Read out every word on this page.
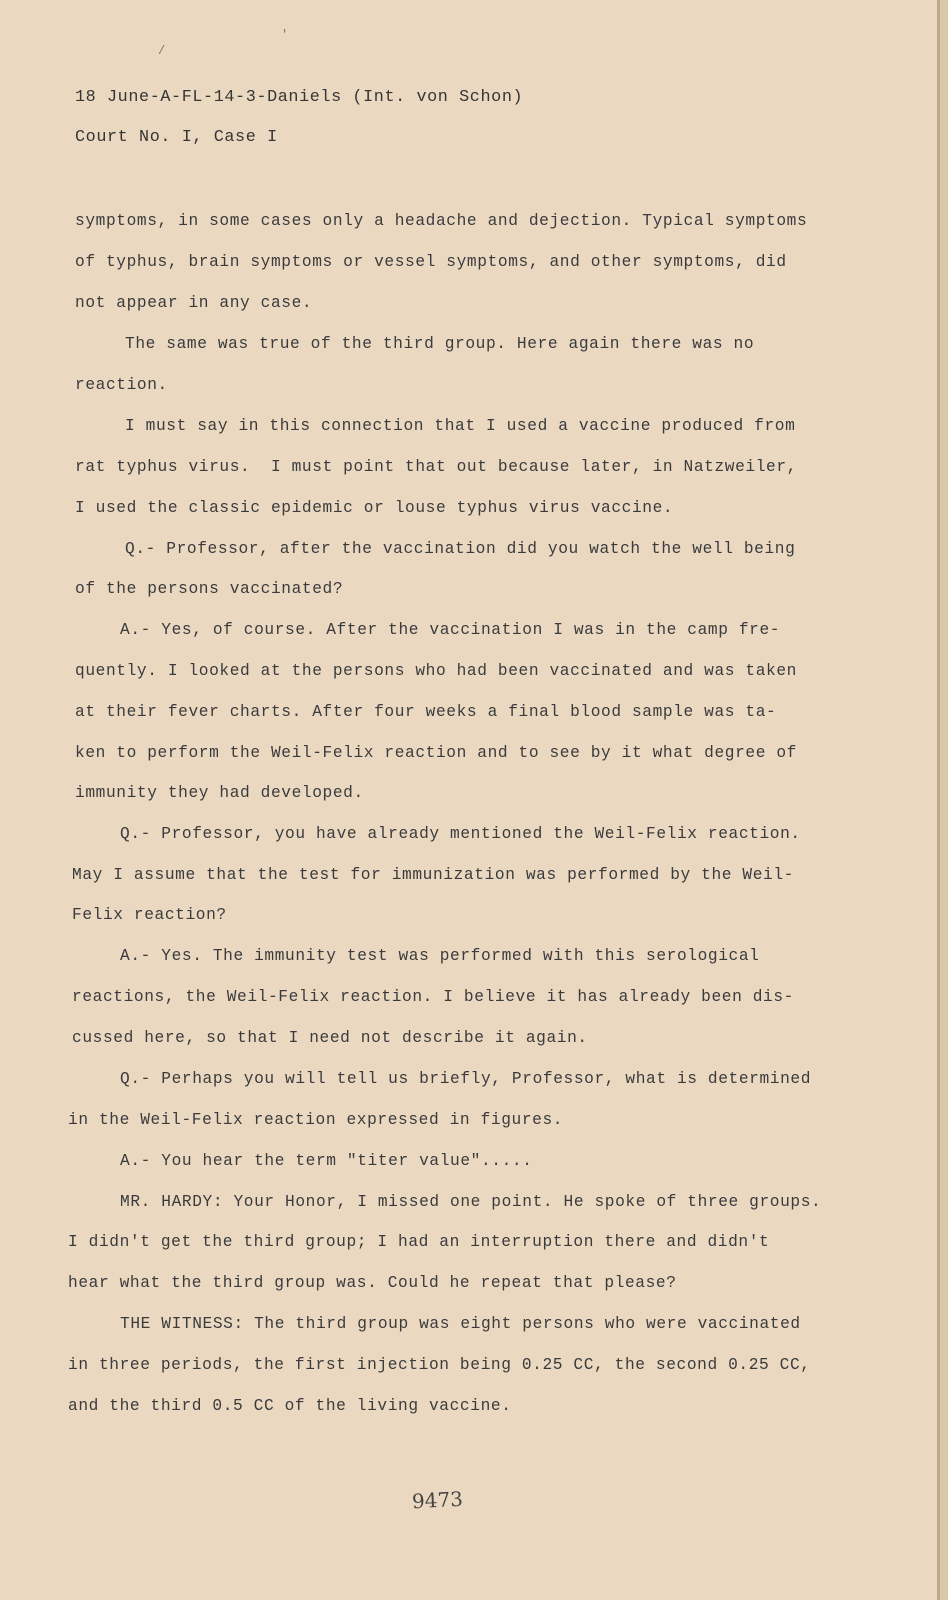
/
'
18 June-A-FL-14-3-Daniels (Int. von Schon)
Court No. I, Case I
symptoms, in some cases only a headache and dejection. Typical symptoms
of typhus, brain symptoms or vessel symptoms, and other symptoms, did
not appear in any case.
The same was true of the third group. Here again there was no
reaction.
I must say in this connection that I used a vaccine produced from
rat typhus virus.  I must point that out because later, in Natzweiler,
I used the classic epidemic or louse typhus virus vaccine.
Q.- Professor, after the vaccination did you watch the well being
of the persons vaccinated?
A.- Yes, of course. After the vaccination I was in the camp fre-
quently. I looked at the persons who had been vaccinated and was taken
at their fever charts. After four weeks a final blood sample was ta-
ken to perform the Weil-Felix reaction and to see by it what degree of
immunity they had developed.
Q.- Professor, you have already mentioned the Weil-Felix reaction.
May I assume that the test for immunization was performed by the Weil-
Felix reaction?
A.- Yes. The immunity test was performed with this serological
reactions, the Weil-Felix reaction. I believe it has already been dis-
cussed here, so that I need not describe it again.
Q.- Perhaps you will tell us briefly, Professor, what is determined
in the Weil-Felix reaction expressed in figures.
A.- You hear the term "titer value".....
MR. HARDY: Your Honor, I missed one point. He spoke of three groups.
I didn't get the third group; I had an interruption there and didn't
hear what the third group was. Could he repeat that please?
THE WITNESS: The third group was eight persons who were vaccinated
in three periods, the first injection being 0.25 CC, the second 0.25 CC,
and the third 0.5 CC of the living vaccine.
9473
